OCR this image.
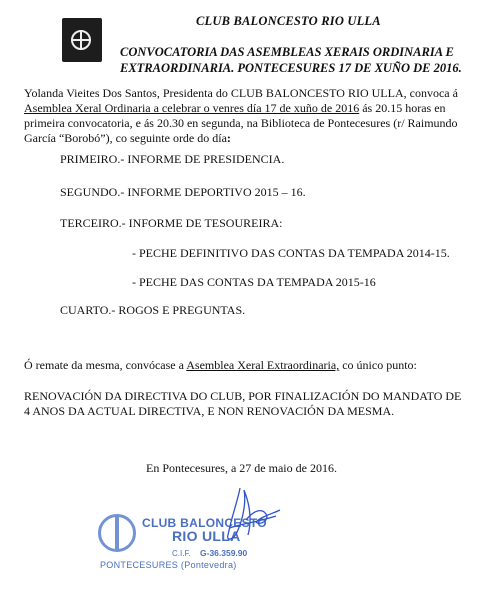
CLUB BALONCESTO RIO ULLA
CONVOCATORIA DAS ASEMBLEAS XERAIS ORDINARIA E EXTRAORDINARIA. PONTECESURES 17 DE XUÑO DE 2016.
Yolanda Vieites Dos Santos, Presidenta do CLUB BALONCESTO RIO ULLA, convoca á Asemblea Xeral Ordinaria a celebrar o venres día 17 de xuño de 2016 ás 20.15 horas en primeira convocatoria, e ás 20.30 en segunda, na Biblioteca de Pontecesures (r/ Raimundo García “Borobó”), co seguinte orde do día:
PRIMEIRO.- INFORME DE PRESIDENCIA.
SEGUNDO.- INFORME DEPORTIVO 2015 – 16.
TERCEIRO.- INFORME DE TESOUREIRA:
- PECHE DEFINITIVO DAS CONTAS DA TEMPADA 2014-15.
- PECHE DAS CONTAS DA TEMPADA 2015-16
CUARTO.- ROGOS E PREGUNTAS.
Ó remate da mesma, convócase a Asemblea Xeral Extraordinaria, co único punto:
RENOVACIÓN DA DIRECTIVA DO CLUB, POR FINALIZACIÓN DO MANDATO DE 4 ANOS DA ACTUAL DIRECTIVA, E NON RENOVACIÓN DA MESMA.
En Pontecesures, a 27 de maio de 2016.
CLUB BALONCESTO
RIO ULLA
C.I.F. G-36.359.90
PONTECESURES (Pontevedra)
